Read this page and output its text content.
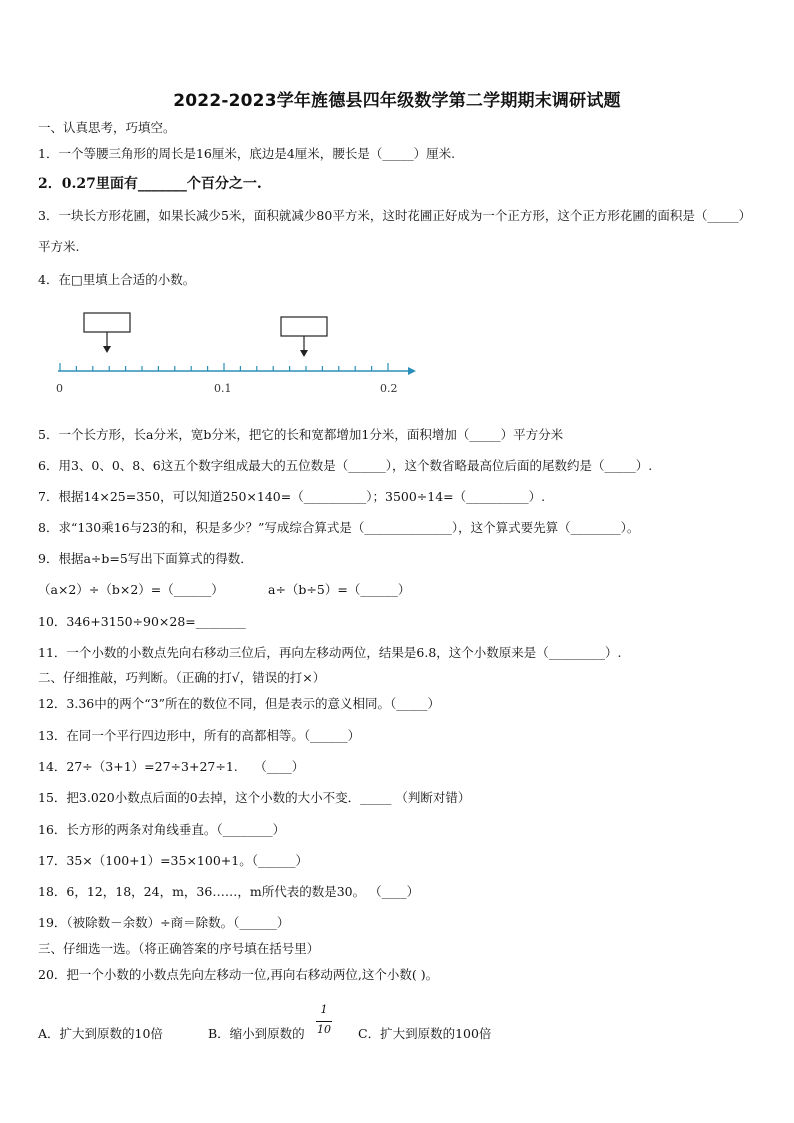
2022-2023学年旌德县四年级数学第二学期期末调研试题
一、认真思考，巧填空。
1．一个等腰三角形的周长是16厘米，底边是4厘米，腰长是（_____）厘米.
2．0.27里面有_______个百分之一.
3．一块长方形花圃，如果长减少5米，面积就减少80平方米，这时花圃正好成为一个正方形，这个正方形花圃的面积是（_____）平方米.
4．在□里填上合适的小数。
0	0.1	0.2
5．一个长方形，长a分米，宽b分米，把它的长和宽都增加1分米，面积增加（_____）平方分米
6．用3、0、0、8、6这五个数字组成最大的五位数是（______），这个数省略最高位后面的尾数约是（_____）.
7．根据14×25=350，可以知道250×140=（__________）；3500÷14=（__________）.
8．求“130乘16与23的和，积是多少？”写成综合算式是（______________），这个算式要先算（________）。
9．根据a÷b=5写出下面算式的得数．
（a×2）÷（b×2）=（______）	a÷（b÷5）=（______）
10．346+3150÷90×28=________
11．一个小数的小数点先向右移动三位后，再向左移动两位，结果是6.8，这个小数原来是（_________）.
二、仔细推敲，巧判断。（正确的打√，错误的打×）
12．3.36中的两个“3”所在的数位不同，但是表示的意义相同。（_____）
13．在同一个平行四边形中，所有的高都相等。（______）
14．27÷（3+1）=27÷3+27÷1.　 （____）
15．把3.020小数点后面的0去掉，这个小数的大小不变．_____ （判断对错）
16．长方形的两条对角线垂直。（________）
17．35×（100+1）=35×100+1。（______）
18．6，12，18，24，m，36……，m所代表的数是30。 （____）
19．（被除数－余数）÷商＝除数。（______）
三、仔细选一选。（将正确答案的序号填在括号里）
20．把一个小数的小数点先向左移动一位,再向右移动两位,这个小数( )。
A．扩大到原数的10倍	B．缩小到原数的
1
10 C．扩大到原数的100倍
